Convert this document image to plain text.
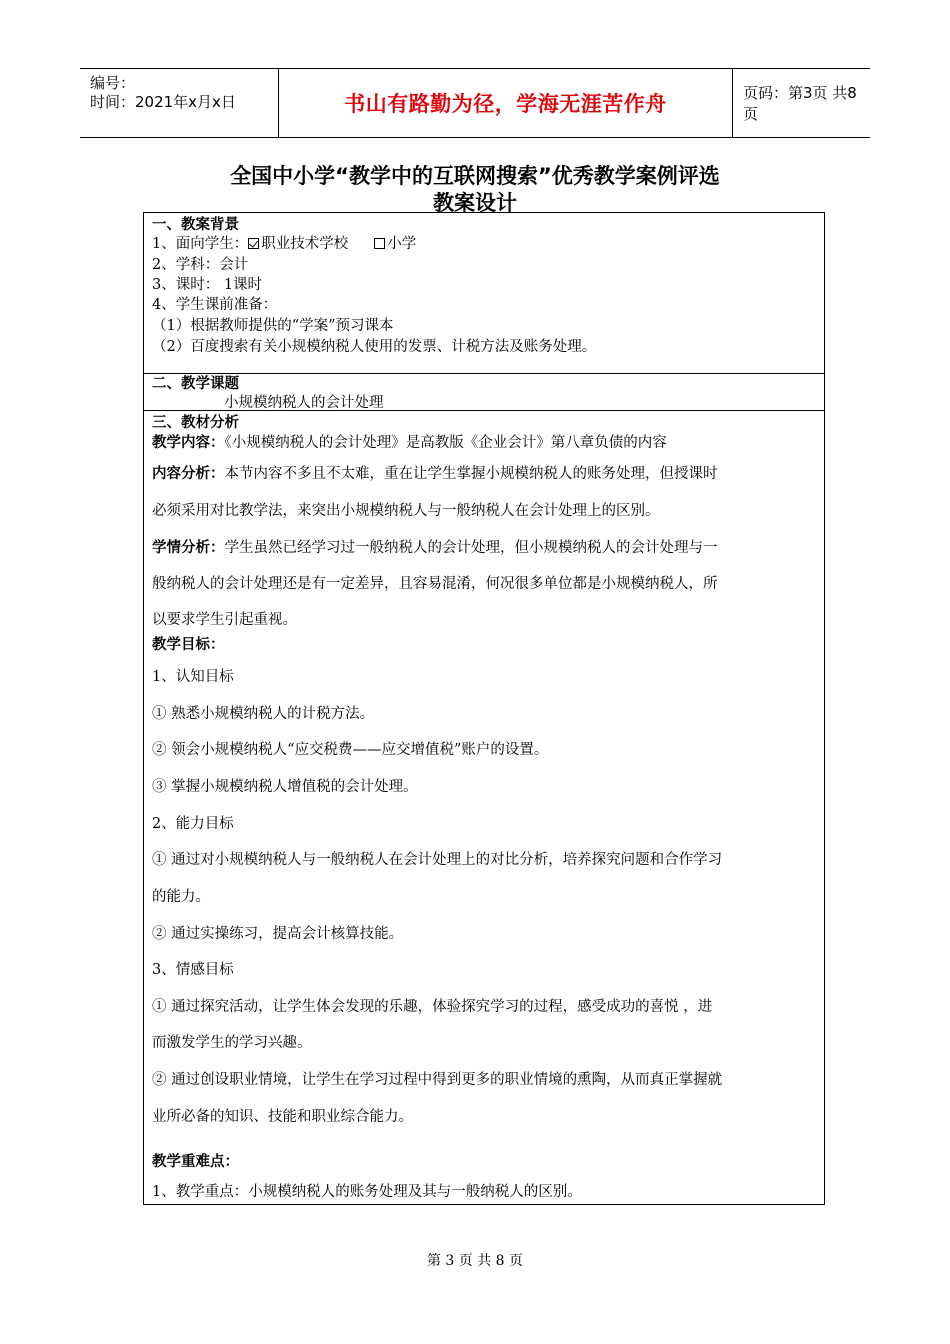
编号：
时间：2021年x月x日	书山有路勤为径，学海无涯苦作舟	页码：第3页 共8页
全国中小学“教学中的互联网搜索”优秀教学案例评选
教案设计
一、教案背景
1、面向学生： 职业技术学校	小学
2、学科：会计
3、课时： 1课时
4、学生课前准备：
（1）根据教师提供的“学案”预习课本
（2）百度搜索有关小规模纳税人使用的发票、计税方法及账务处理。
二、教学课题
小规模纳税人的会计处理
三、教材分析
教学内容：《小规模纳税人的会计处理》是高教版《企业会计》第八章负债的内容
内容分析：本节内容不多且不太难，重在让学生掌握小规模纳税人的账务处理，但授课时
必须采用对比教学法，来突出小规模纳税人与一般纳税人在会计处理上的区别。
学情分析：学生虽然已经学习过一般纳税人的会计处理，但小规模纳税人的会计处理与一
般纳税人的会计处理还是有一定差异，且容易混淆，何况很多单位都是小规模纳税人，所
以要求学生引起重视。
教学目标：
1、认知目标
① 熟悉小规模纳税人的计税方法。
② 领会小规模纳税人“应交税费——应交增值税”账户的设置。
③ 掌握小规模纳税人增值税的会计处理。
2、能力目标
① 通过对小规模纳税人与一般纳税人在会计处理上的对比分析，培养探究问题和合作学习
的能力。
② 通过实操练习，提高会计核算技能。
3、情感目标
① 通过探究活动，让学生体会发现的乐趣，体验探究学习的过程，感受成功的喜悦 ，进
而激发学生的学习兴趣。
② 通过创设职业情境，让学生在学习过程中得到更多的职业情境的熏陶，从而真正掌握就
业所必备的知识、技能和职业综合能力。
教学重难点：
1、教学重点：小规模纳税人的账务处理及其与一般纳税人的区别。
第 3 页 共 8 页
